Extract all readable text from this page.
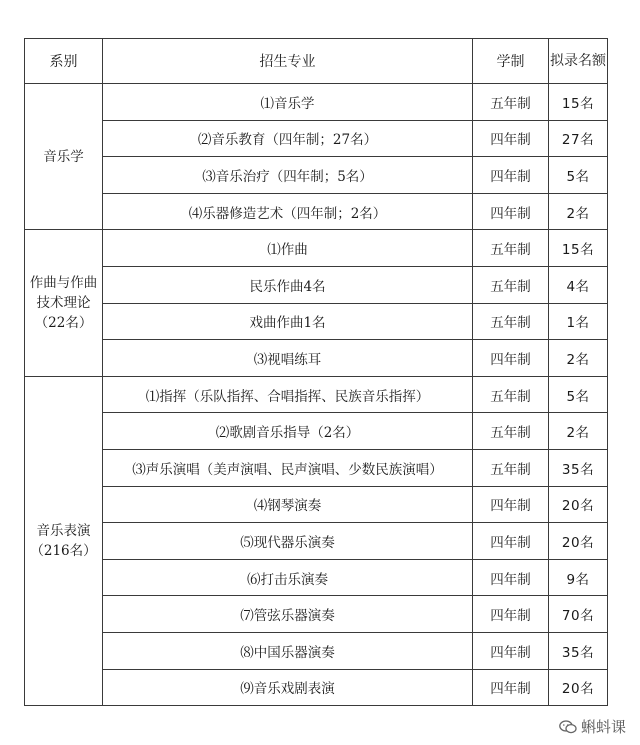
系别	招生专业	学制	拟录名额
音乐学	⑴音乐学	五年制	15名
	⑵音乐教育（四年制；27名）	四年制	27名
	⑶音乐治疗（四年制；5名）	四年制	5名
	⑷乐器修造艺术（四年制；2名）	四年制	2名
作曲与作曲技术理论（22名）	⑴作曲	五年制	15名
	民乐作曲4名	五年制	4名
	戏曲作曲1名	五年制	1名
	⑶视唱练耳	四年制	2名
音乐表演（216名）	⑴指挥（乐队指挥、合唱指挥、民族音乐指挥）	五年制	5名
	⑵歌剧音乐指导（2名）	五年制	2名
	⑶声乐演唱（美声演唱、民声演唱、少数民族演唱）	五年制	35名
	⑷钢琴演奏	四年制	20名
	⑸现代器乐演奏	四年制	20名
	⑹打击乐演奏	四年制	9名
	⑺管弦乐器演奏	四年制	70名
	⑻中国乐器演奏	四年制	35名
	⑼音乐戏剧表演	四年制	20名
蝌蚪课
